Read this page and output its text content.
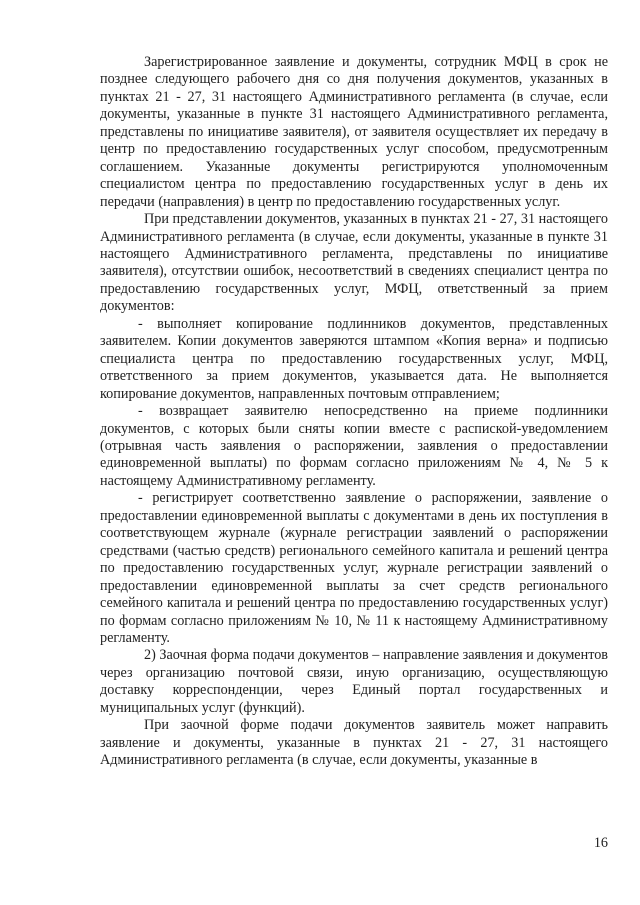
Зарегистрированное заявление и документы, сотрудник МФЦ в срок не позднее следующего рабочего дня со дня получения документов, указанных в пунктах 21 - 27, 31 настоящего Административного регламента (в случае, если документы, указанные в пункте 31 настоящего Административного регламента, представлены по инициативе заявителя), от заявителя осуществляет их передачу в центр по предоставлению государственных услуг способом, предусмотренным соглашением. Указанные документы регистрируются уполномоченным специалистом центра по предоставлению государственных услуг в день их передачи (направления) в центр по предоставлению государственных услуг.

При представлении документов, указанных в пунктах 21 - 27, 31 настоящего Административного регламента (в случае, если документы, указанные в пункте 31 настоящего Административного регламента, представлены по инициативе заявителя), отсутствии ошибок, несоответствий в сведениях специалист центра по предоставлению государственных услуг, МФЦ, ответственный за прием документов:

- выполняет копирование подлинников документов, представленных заявителем. Копии документов заверяются штампом «Копия верна» и подписью специалиста центра по предоставлению государственных услуг, МФЦ, ответственного за прием документов, указывается дата. Не выполняется копирование документов, направленных почтовым отправлением;

- возвращает заявителю непосредственно на приеме подлинники документов, с которых были сняты копии вместе с распиской-уведомлением (отрывная часть заявления о распоряжении, заявления о предоставлении единовременной выплаты) по формам согласно приложениям № 4, № 5 к настоящему Административному регламенту.

- регистрирует соответственно заявление о распоряжении, заявление о предоставлении единовременной выплаты с документами в день их поступления в соответствующем журнале (журнале регистрации заявлений о распоряжении средствами (частью средств) регионального семейного капитала и решений центра по предоставлению государственных услуг, журнале регистрации заявлений о предоставлении единовременной выплаты за счет средств регионального семейного капитала и решений центра по предоставлению государственных услуг) по формам согласно приложениям № 10, № 11 к настоящему Административному регламенту.

2) Заочная форма подачи документов – направление заявления и документов через организацию почтовой связи, иную организацию, осуществляющую доставку корреспонденции, через Единый портал государственных и муниципальных услуг (функций).

При заочной форме подачи документов заявитель может направить заявление и документы, указанные в пунктах 21 - 27, 31 настоящего Административного регламента (в случае, если документы, указанные в

16
